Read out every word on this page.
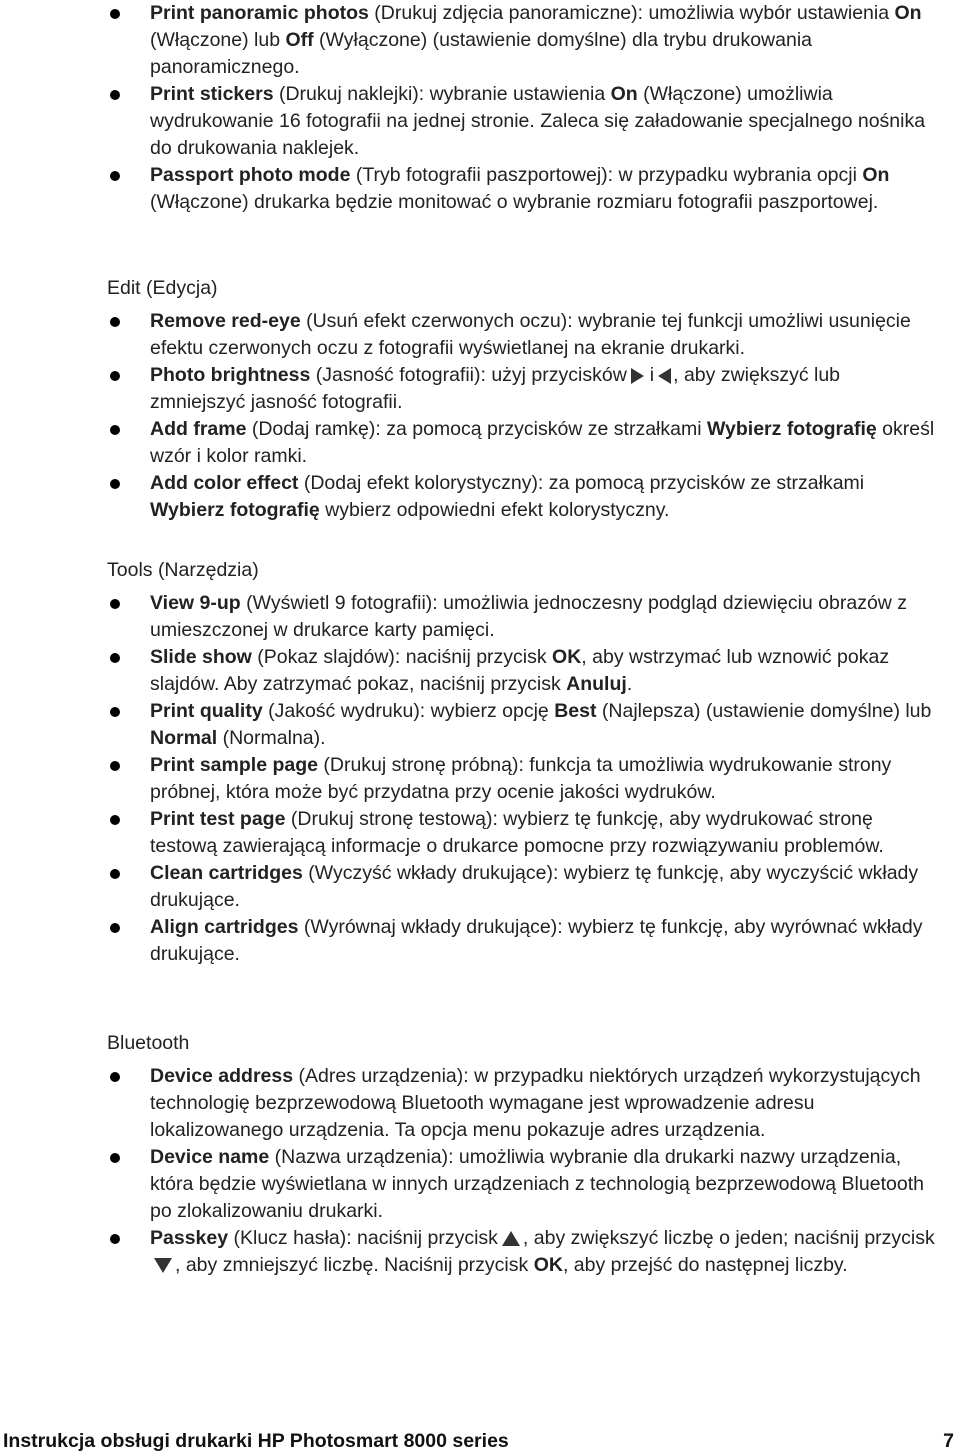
Print panoramic photos (Drukuj zdjęcia panoramiczne): umożliwia wybór ustawienia On (Włączone) lub Off (Wyłączone) (ustawienie domyślne) dla trybu drukowania panoramicznego.
Print stickers (Drukuj naklejki): wybranie ustawienia On (Włączone) umożliwia wydrukowanie 16 fotografii na jednej stronie. Zaleca się załadowanie specjalnego nośnika do drukowania naklejek.
Passport photo mode (Tryb fotografii paszportowej): w przypadku wybrania opcji On (Włączone) drukarka będzie monitować o wybranie rozmiaru fotografii paszportowej.
Edit (Edycja)
Remove red-eye (Usuń efekt czerwonych oczu): wybranie tej funkcji umożliwi usunięcie efektu czerwonych oczu z fotografii wyświetlanej na ekranie drukarki.
Photo brightness (Jasność fotografii): użyj przycisków i , aby zwiększyć lub zmniejszyć jasność fotografii.
Add frame (Dodaj ramkę): za pomocą przycisków ze strzałkami Wybierz fotografię określ wzór i kolor ramki.
Add color effect (Dodaj efekt kolorystyczny): za pomocą przycisków ze strzałkami Wybierz fotografię wybierz odpowiedni efekt kolorystyczny.
Tools (Narzędzia)
View 9-up (Wyświetl 9 fotografii): umożliwia jednoczesny podgląd dziewięciu obrazów z umieszczonej w drukarce karty pamięci.
Slide show (Pokaz slajdów): naciśnij przycisk OK, aby wstrzymać lub wznowić pokaz slajdów. Aby zatrzymać pokaz, naciśnij przycisk Anuluj.
Print quality (Jakość wydruku): wybierz opcję Best (Najlepsza) (ustawienie domyślne) lub Normal (Normalna).
Print sample page (Drukuj stronę próbną): funkcja ta umożliwia wydrukowanie strony próbnej, która może być przydatna przy ocenie jakości wydruków.
Print test page (Drukuj stronę testową): wybierz tę funkcję, aby wydrukować stronę testową zawierającą informacje o drukarce pomocne przy rozwiązywaniu problemów.
Clean cartridges (Wyczyść wkłady drukujące): wybierz tę funkcję, aby wyczyścić wkłady drukujące.
Align cartridges (Wyrównaj wkłady drukujące): wybierz tę funkcję, aby wyrównać wkłady drukujące.
Bluetooth
Device address (Adres urządzenia): w przypadku niektórych urządzeń wykorzystujących technologię bezprzewodową Bluetooth wymagane jest wprowadzenie adresu lokalizowanego urządzenia. Ta opcja menu pokazuje adres urządzenia.
Device name (Nazwa urządzenia): umożliwia wybranie dla drukarki nazwy urządzenia, która będzie wyświetlana w innych urządzeniach z technologią bezprzewodową Bluetooth po zlokalizowaniu drukarki.
Passkey (Klucz hasła): naciśnij przycisk , aby zwiększyć liczbę o jeden; naciśnij przycisk, aby zmniejszyć liczbę. Naciśnij przycisk OK, aby przejść do następnej liczby.
Instrukcja obsługi drukarki HP Photosmart 8000 series	7
